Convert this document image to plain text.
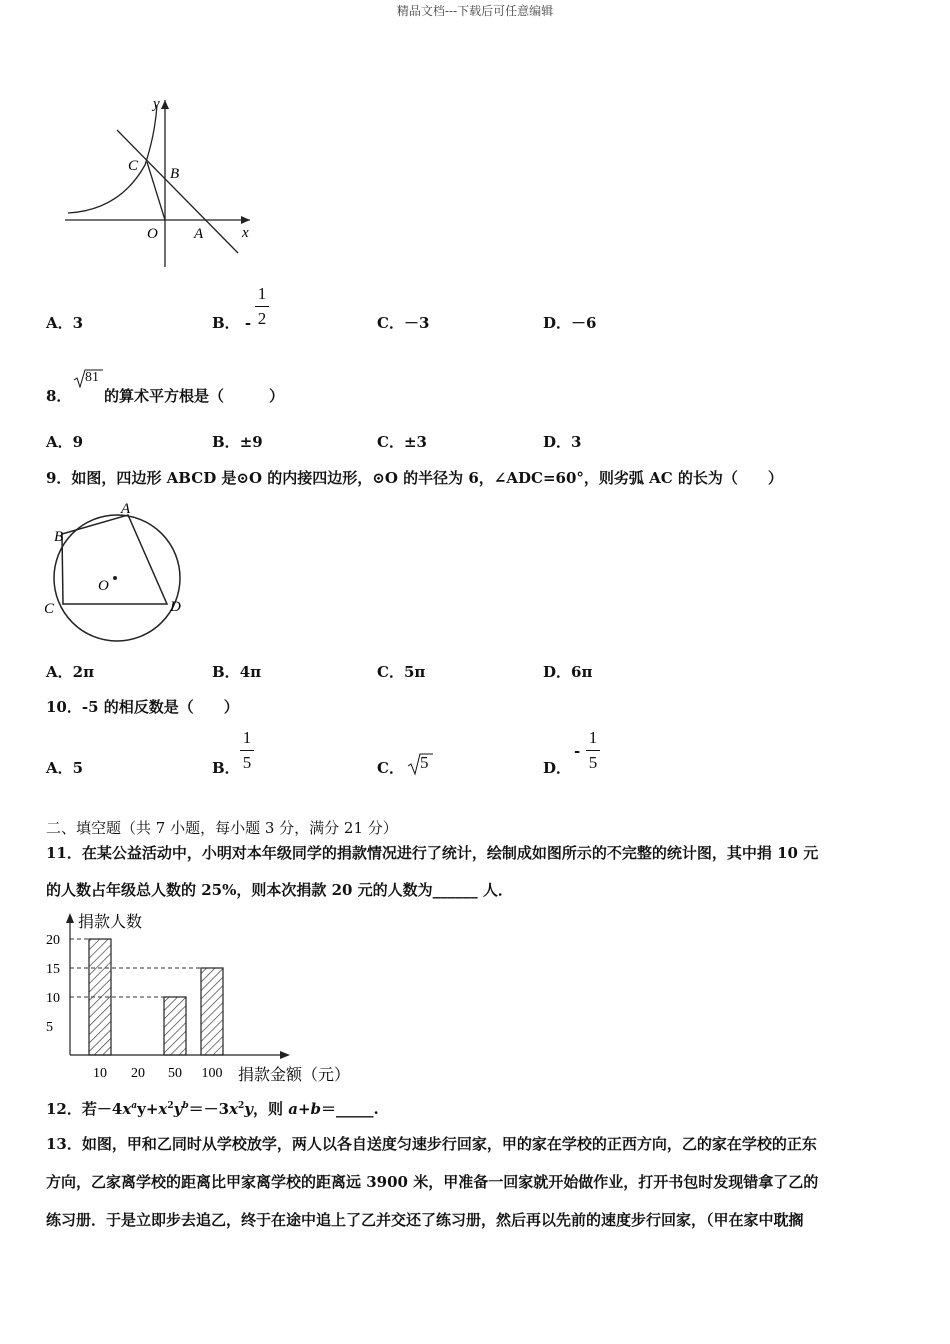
精品文档---下载后可任意编辑
y
x
C B
O A
A．3	B． -
1
2	C．－3	D．－6
8．
81
的算术平方根是（　　　）
A．9	B．±9	C．±3	D．3
9．如图，四边形 ABCD 是⊙O 的内接四边形，⊙O 的半径为 6，∠ADC=60°，则劣弧 AC 的长为（　　）
A
B
C	D
O
A．2π	B．4π	C．5π	D．6π
10．-5 的相反数是（　　）
A．5	B．
1
5	C． 5	D．
-
1
5
二、填空题（共 7 小题，每小题 3 分，满分 21 分）
11．在某公益活动中，小明对本年级同学的捐款情况进行了统计，绘制成如图所示的不完整的统计图，其中捐 10 元
的人数占年级总人数的 25%，则本次捐款 20 元的人数为______ 人．
捐款人数
捐款金额（元）
5
10
15
20
10 20 50 100
12．若$-4x^ay+x^2y^b=-3x^2y$，则 a+b＝_____.
13．如图，甲和乙同时从学校放学，两人以各自送度匀速步行回家，甲的家在学校的正西方向，乙的家在学校的正东
方向，乙家离学校的距离比甲家离学校的距离远 3900 米，甲准备一回家就开始做作业，打开书包时发现错拿了乙的
练习册．于是立即步去追乙，终于在途中追上了乙并交还了练习册，然后再以先前的速度步行回家，（甲在家中耽搁
